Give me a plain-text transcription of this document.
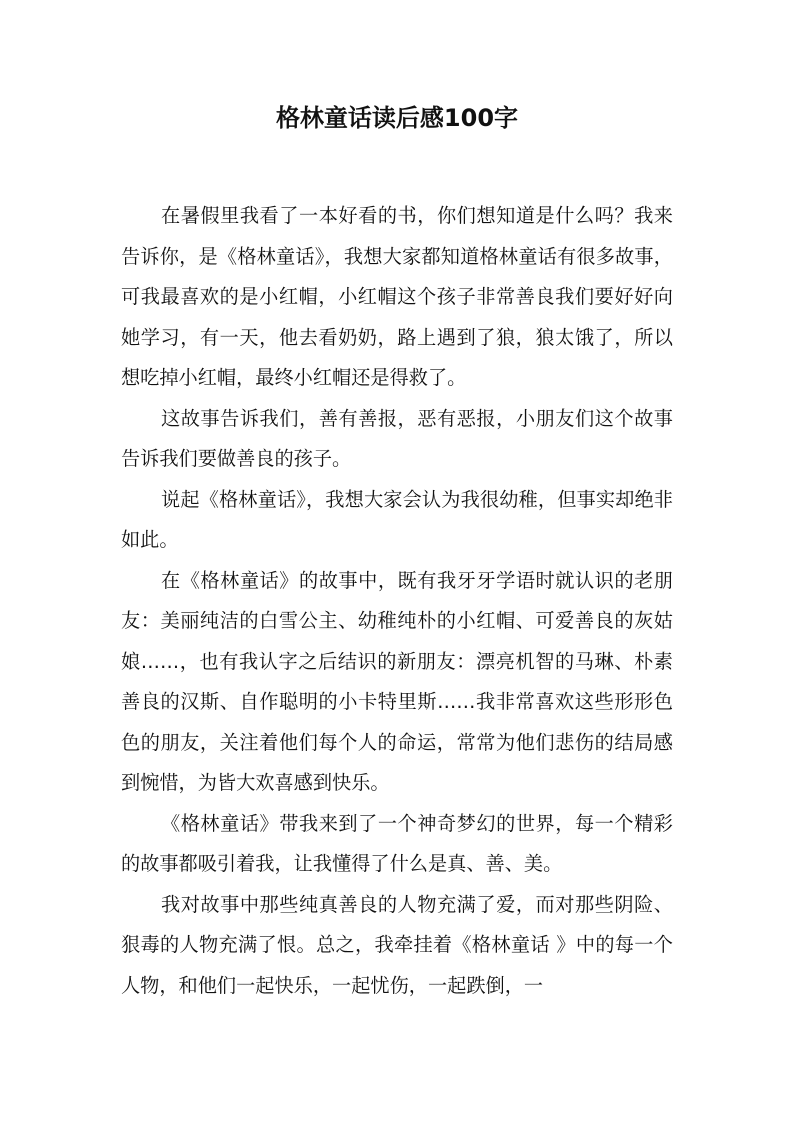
格林童话读后感100字

在暑假里我看了一本好看的书，你们想知道是什么吗？我来告诉你，是《格林童话》，我想大家都知道格林童话有很多故事，可我最喜欢的是小红帽，小红帽这个孩子非常善良我们要好好向她学习，有一天，他去看奶奶，路上遇到了狼，狼太饿了，所以想吃掉小红帽，最终小红帽还是得救了。

这故事告诉我们，善有善报，恶有恶报，小朋友们这个故事告诉我们要做善良的孩子。

说起《格林童话》，我想大家会认为我很幼稚，但事实却绝非如此。

在《格林童话》的故事中，既有我牙牙学语时就认识的老朋友：美丽纯洁的白雪公主、幼稚纯朴的小红帽、可爱善良的灰姑娘……，也有我认字之后结识的新朋友：漂亮机智的马琳、朴素善良的汉斯、自作聪明的小卡特里斯……我非常喜欢这些形形色色的朋友，关注着他们每个人的命运，常常为他们悲伤的结局感到惋惜，为皆大欢喜感到快乐。

《格林童话》带我来到了一个神奇梦幻的世界，每一个精彩的故事都吸引着我，让我懂得了什么是真、善、美。

我对故事中那些纯真善良的人物充满了爱，而对那些阴险、狠毒的人物充满了恨。总之，我牵挂着《格林童话 》中的每一个人物，和他们一起快乐，一起忧伤，一起跌倒，一
